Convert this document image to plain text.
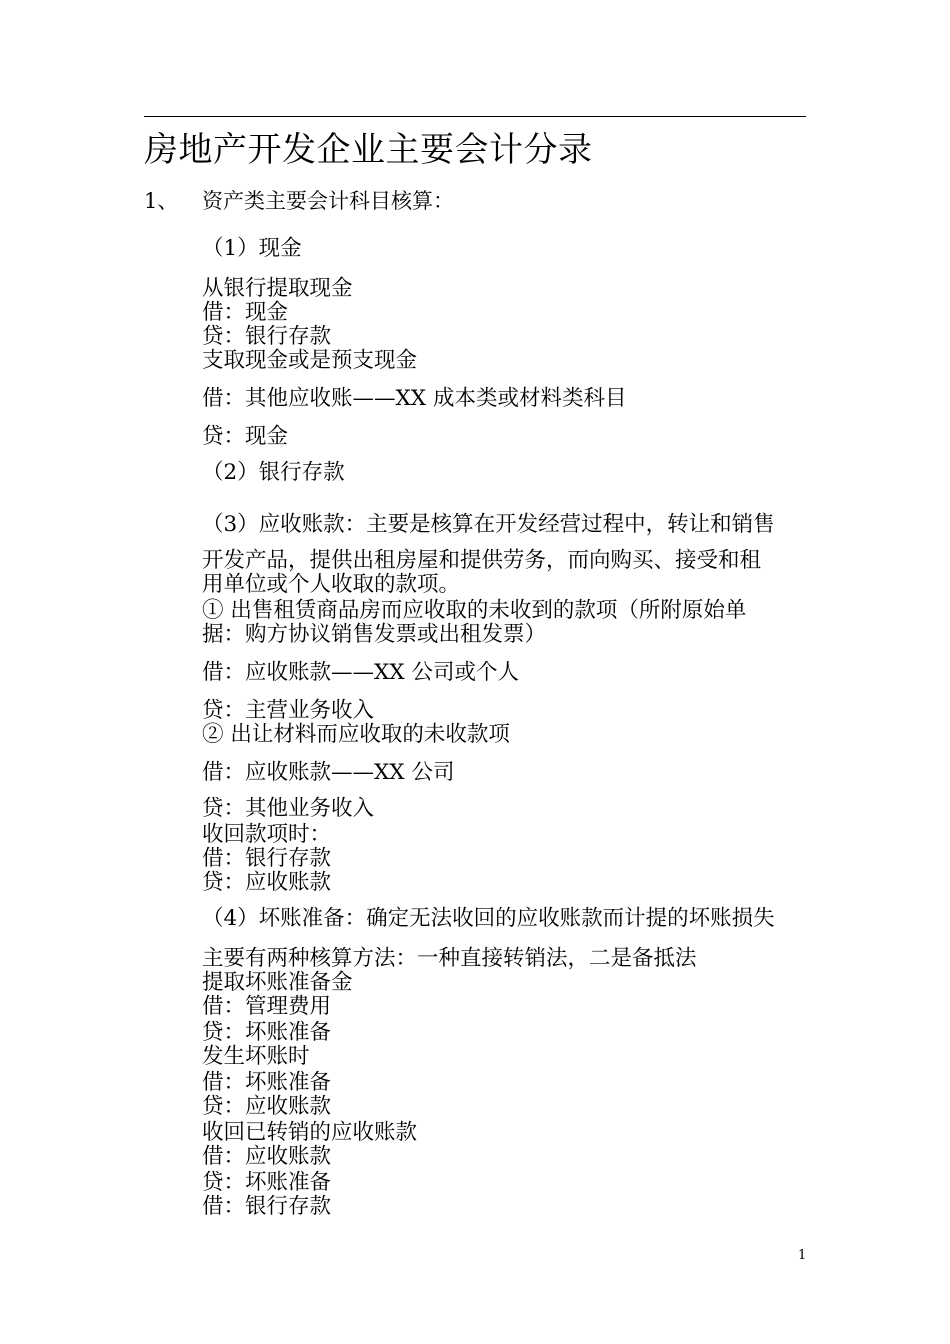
房地产开发企业主要会计分录
1、 资产类主要会计科目核算：
（1）现金
从银行提取现金
借：现金
贷：银行存款
支取现金或是预支现金
借：其他应收账——XX 成本类或材料类科目
贷：现金
（2）银行存款
（3）应收账款：主要是核算在开发经营过程中，转让和销售
开发产品，提供出租房屋和提供劳务，而向购买、接受和租
用单位或个人收取的款项。
① 出售租赁商品房而应收取的未收到的款项（所附原始单
据：购方协议销售发票或出租发票）
借：应收账款——XX 公司或个人
贷：主营业务收入
② 出让材料而应收取的未收款项
借：应收账款——XX 公司
贷：其他业务收入
收回款项时：
借：银行存款
贷：应收账款
（4）坏账准备：确定无法收回的应收账款而计提的坏账损失
主要有两种核算方法：一种直接转销法，二是备抵法
提取坏账准备金
借：管理费用
贷：坏账准备
发生坏账时
借：坏账准备
贷：应收账款
收回已转销的应收账款
借：应收账款
贷：坏账准备
借：银行存款
1
